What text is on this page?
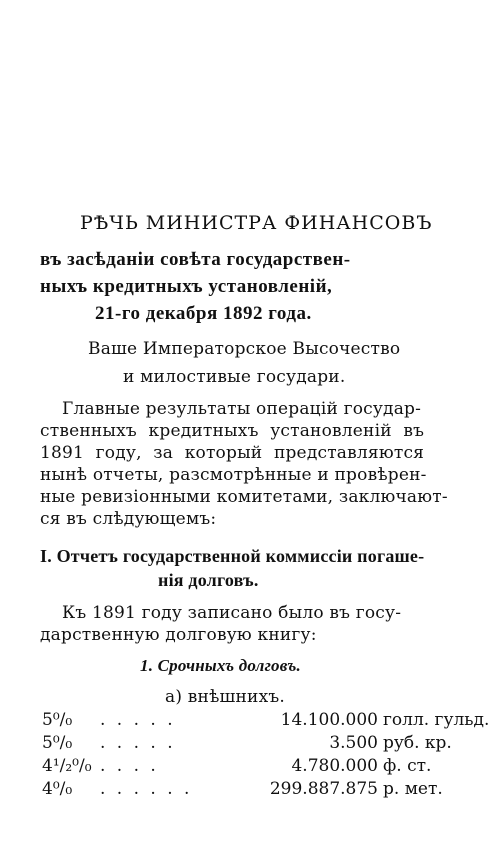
РѢЧЬ МИНИСТРА ФИНАНСОВЪ
въ засѣданіи совѣта государствен-
ныхъ кредитныхъ установленій,
21-го декабря 1892 года.
Ваше Императорское Высочество
и милостивые государи.
Главные результаты операцій государ-
ственныхъ кредитныхъ установленій въ
1891 году, за который представляются
нынѣ отчеты, разсмотрѣнные и провѣрен-
ные ревизіонными комитетами, заключают-
ся въ слѣдующемъ:
I. Отчетъ государственной коммиссіи погаше-
нія долговъ.
Къ 1891 году записано было въ госу-
дарственную долговую книгу:
1. Срочныхъ долговъ.
а) внѣшнихъ.
5⁰/₀ . . . . .	14.100.000 голл. гульд.
5⁰/₀ . . . . .	3.500 руб. кр.
4¹/₂⁰/₀ . . . .	4.780.000 ф. ст.
4⁰/₀ . . . . . .	299.887.875 р. мет.
